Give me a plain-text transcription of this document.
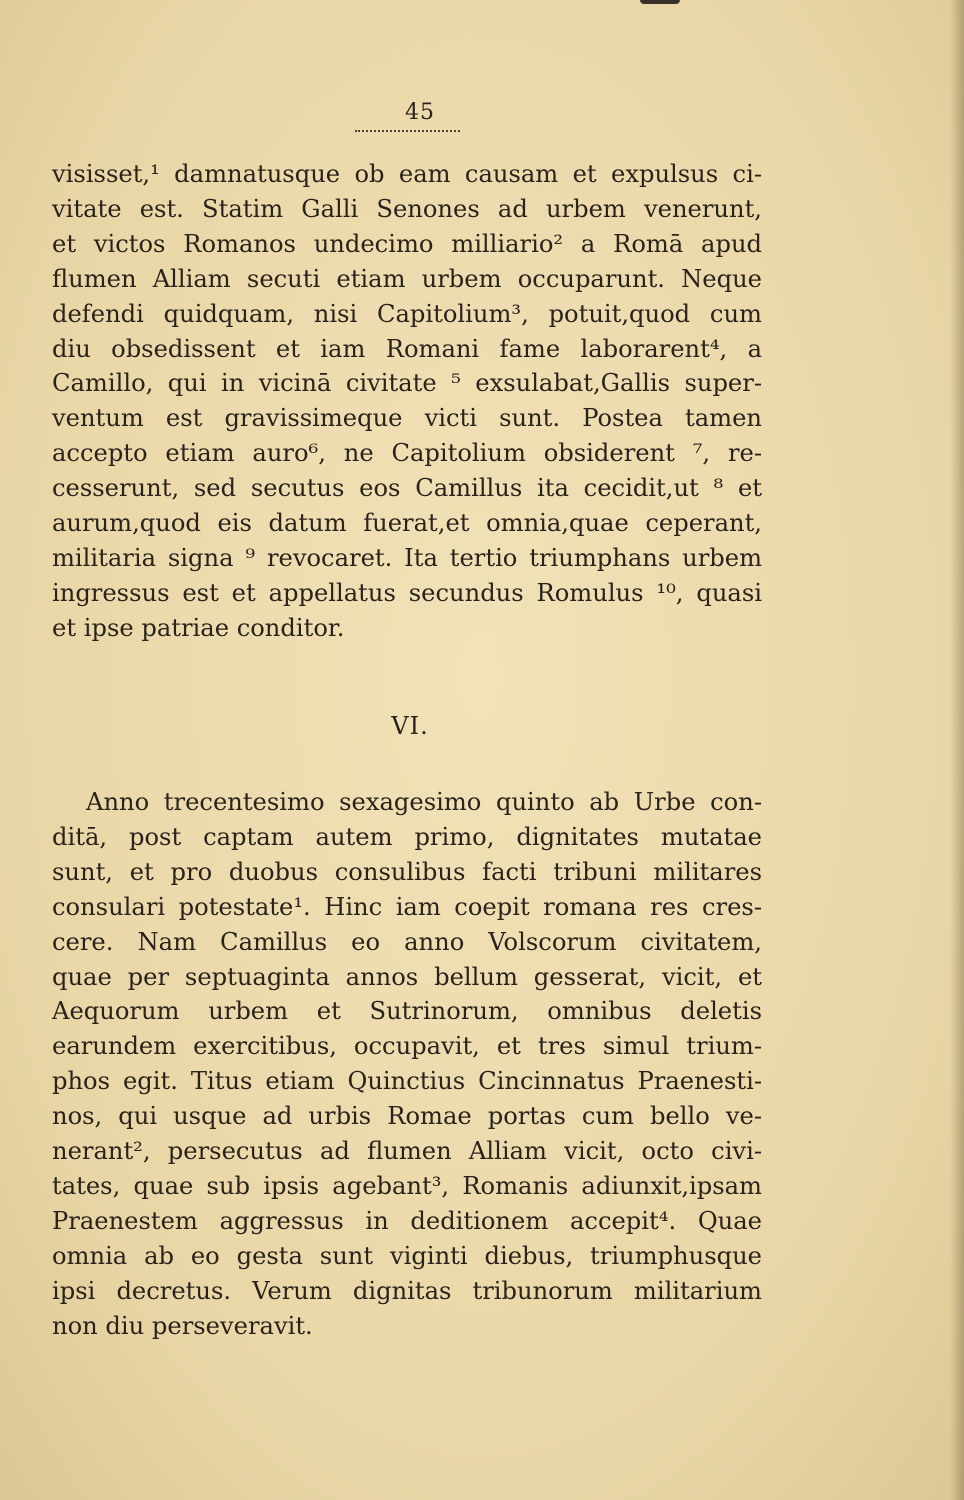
45
visisset,¹ damnatusque ob eam causam et expulsus ci-
vitate est. Statim Galli Senones ad urbem venerunt,
et victos Romanos undecimo milliario² a Romā apud
flumen Alliam secuti etiam urbem occuparunt. Neque
defendi quidquam, nisi Capitolium³, potuit,quod cum
diu obsedissent et iam Romani fame laborarent⁴, a
Camillo, qui in vicinā civitate ⁵ exsulabat,Gallis super-
ventum est gravissimeque victi sunt. Postea tamen
accepto etiam auro⁶, ne Capitolium obsiderent ⁷, re-
cesserunt, sed secutus eos Camillus ita cecidit,ut ⁸ et
aurum,quod eis datum fuerat,et omnia,quae ceperant,
militaria signa ⁹ revocaret. Ita tertio triumphans urbem
ingressus est et appellatus secundus Romulus ¹⁰, quasi
et ipse patriae conditor.
VI.
Anno trecentesimo sexagesimo quinto ab Urbe con-
ditā, post captam autem primo, dignitates mutatae
sunt, et pro duobus consulibus facti tribuni militares
consulari potestate¹. Hinc iam coepit romana res cres-
cere. Nam Camillus eo anno Volscorum civitatem,
quae per septuaginta annos bellum gesserat, vicit, et
Aequorum urbem et Sutrinorum, omnibus deletis
earundem exercitibus, occupavit, et tres simul trium-
phos egit. Titus etiam Quinctius Cincinnatus Praenesti-
nos, qui usque ad urbis Romae portas cum bello ve-
nerant², persecutus ad flumen Alliam vicit, octo civi-
tates, quae sub ipsis agebant³, Romanis adiunxit,ipsam
Praenestem aggressus in deditionem accepit⁴. Quae
omnia ab eo gesta sunt viginti diebus, triumphusque
ipsi decretus. Verum dignitas tribunorum militarium
non diu perseveravit.
